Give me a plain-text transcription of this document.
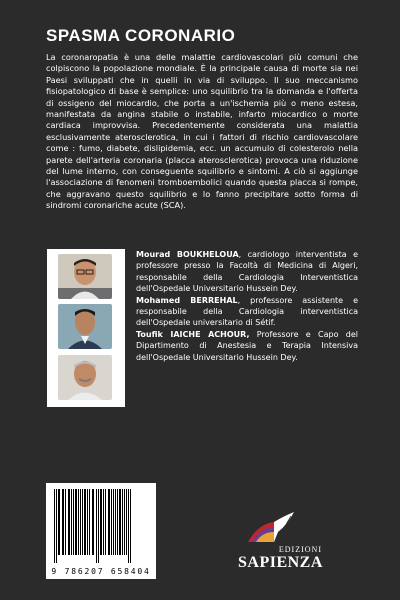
SPASMA CORONARIO

La coronaropatia è una delle malattie cardiovascolari più comuni che colpiscono la popolazione mondiale. È la principale causa di morte sia nei Paesi sviluppati che in quelli in via di sviluppo. Il suo meccanismo fisiopatologico di base è semplice: uno squilibrio tra la domanda e l'offerta di ossigeno del miocardio, che porta a un'ischemia più o meno estesa, manifestata da angina stabile o instabile, infarto miocardico o morte cardiaca improvvisa. Precedentemente considerata una malattia esclusivamente aterosclerotica, in cui i fattori di rischio cardiovascolare come : fumo, diabete, dislipidemia, ecc. un accumulo di colesterolo nella parete dell'arteria coronaria (placca aterosclerotica) provoca una riduzione del lume interno, con conseguente squilibrio e sintomi. A ciò si aggiunge l'associazione di fenomeni tromboembolici quando questa placca si rompe, che aggravano questo squilibrio e lo fanno precipitare sotto forma di sindromi coronariche acute (SCA).

Mourad BOUKHELOUA, cardiologo interventista e professore presso la Facoltà di Medicina di Algeri, responsabile della Cardiologia Interventistica dell'Ospedale Universitario Hussein Dey.

Mohamed BERREHAL, professore assistente e responsabile della Cardiologia interventistica dell'Ospedale universitario di Sétif.

Toufik IAICHE ACHOUR, Professore e Capo del Dipartimento di Anestesia e Terapia Intensiva dell'Ospedale Universitario Hussein Dey.

9 786207 658404
EDIZIONI
SAPIENZA
